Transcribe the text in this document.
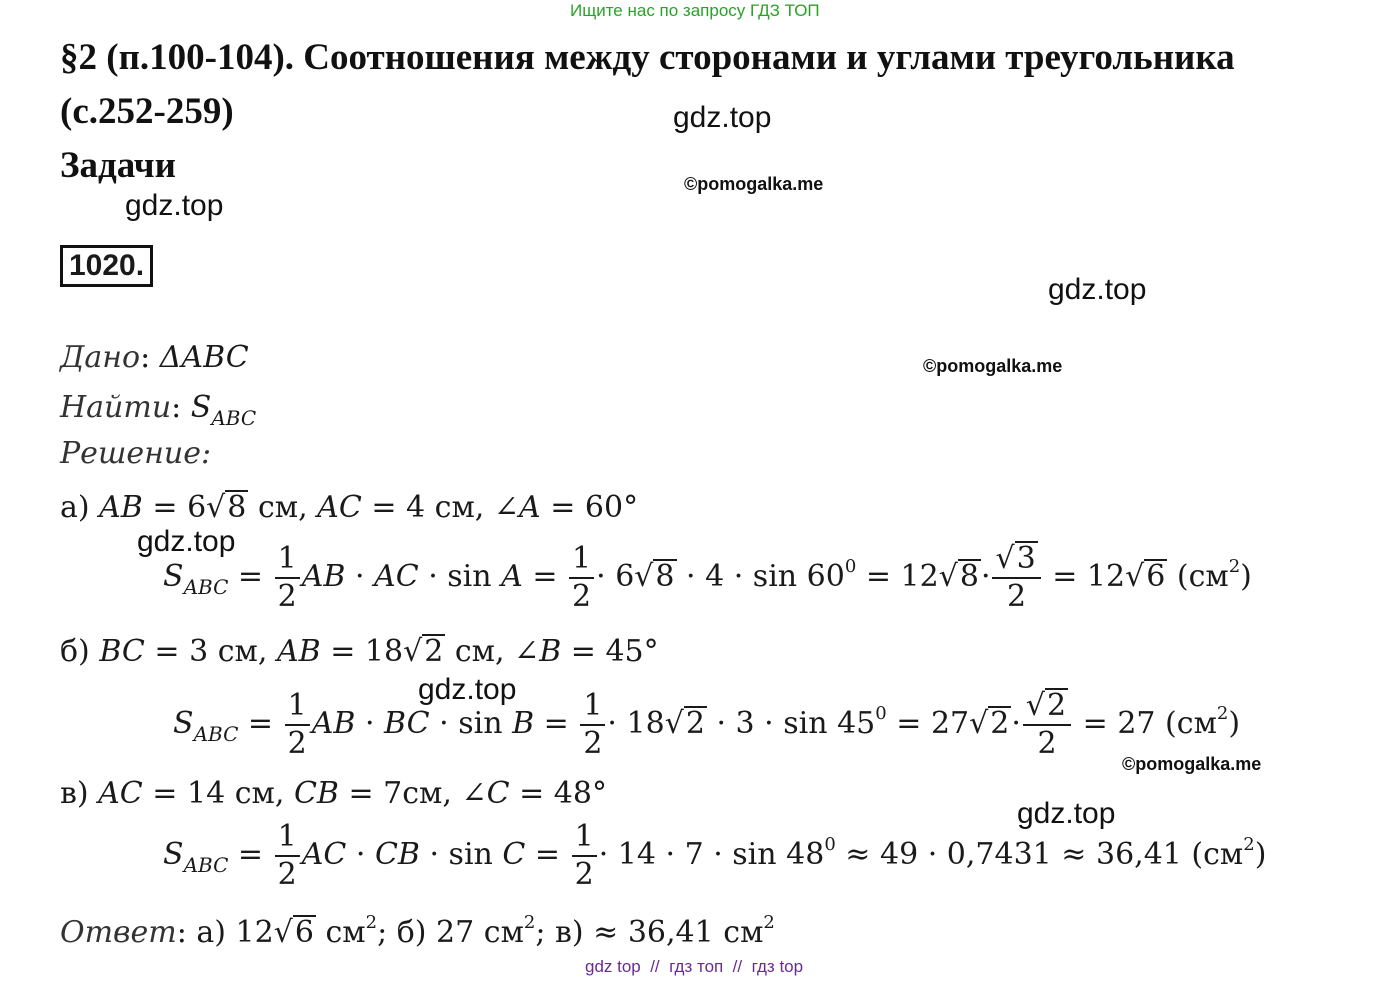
Ищите нас по запросу ГДЗ ТОП
§2 (п.100-104). Соотношения между сторонами и углами треугольника
(с.252-259)
Задачи
1020.
gdz.top
gdz.top
gdz.top
gdz.top
gdz.top
gdz.top
©pomogalka.me
©pomogalka.me
©pomogalka.me
Дано: ΔABC
Найти: $S_{ABC}$
Решение:
а) AB = 6√8 см, AC = 4 см, ∠A = 60°
$S_{ABC} = \frac{1}{2}$ AB · AC · $\sin A = \frac{1}{2} \cdot 6√8 \cdot 4 \cdot \sin 60^0 = 12√8\cdot \frac{√3}{2} = 12√6$ $(см^2)$
б) BC = 3 см, AB = 18√2 см, ∠B = 45°
$S_{ABC} = \frac{1}{2}$ AB · BC · $\sin B = \frac{1}{2} \cdot 18√2 \cdot 3 \cdot \sin 45^0 = 27√2\cdot \frac{√2}{2} = 27$ $(см^2)$
в) AC = 14 см, CB = 7см, ∠C = 48°
$S_{ABC} = \frac{1}{2}$ AC · CB · $\sin C = \frac{1}{2} \cdot 14 \cdot 7 \cdot \sin 48^0 \approx 49 \cdot 0,7431 \approx 36,41$ $(см^2)$
Ответ: а) 12√6 $см^2$; б) 27 $см^2$; в) ≈ 36,41 $см^2$
gdz top  //  гдз топ  //  гдз top
